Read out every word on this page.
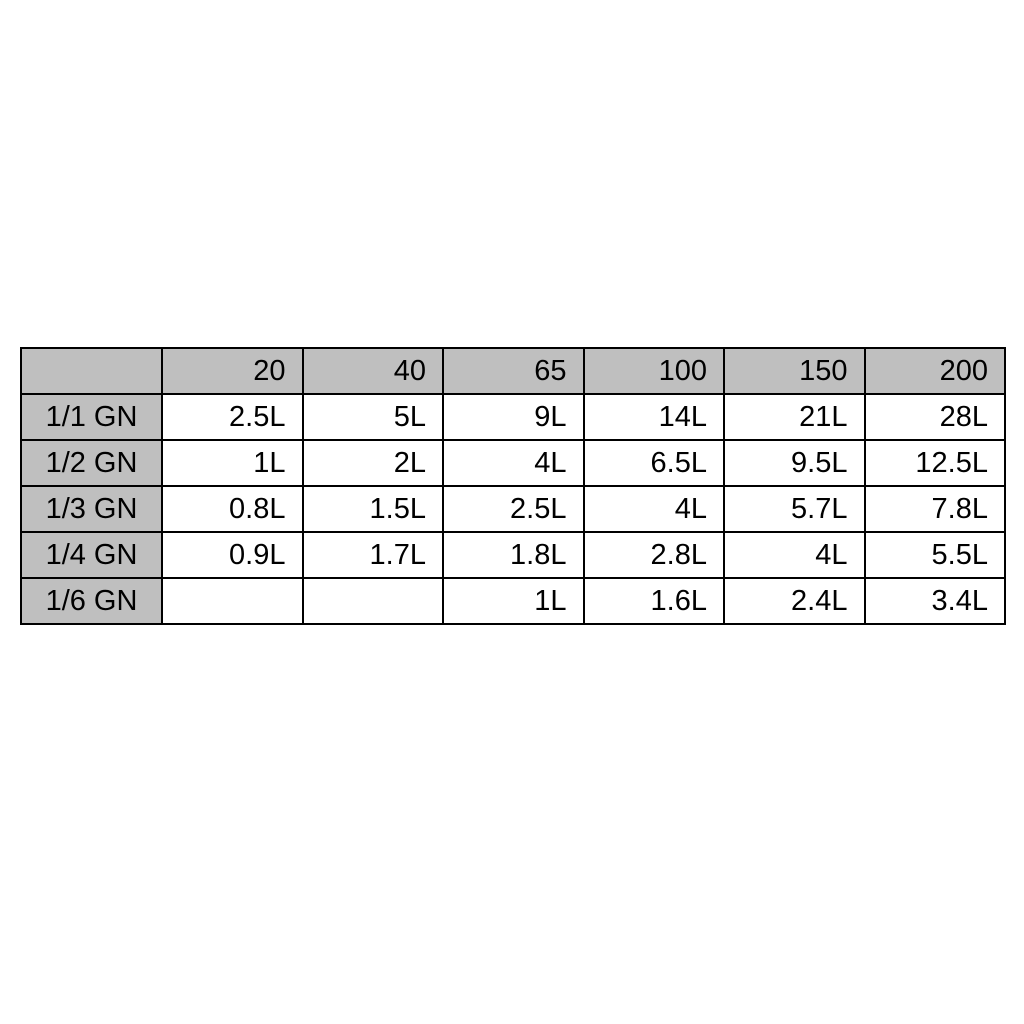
	20	40	65	100	150	200
1/1 GN	2.5L	5L	9L	14L	21L	28L
1/2 GN	1L	2L	4L	6.5L	9.5L	12.5L
1/3 GN	0.8L	1.5L	2.5L	4L	5.7L	7.8L
1/4 GN	0.9L	1.7L	1.8L	2.8L	4L	5.5L
1/6 GN			1L	1.6L	2.4L	3.4L
